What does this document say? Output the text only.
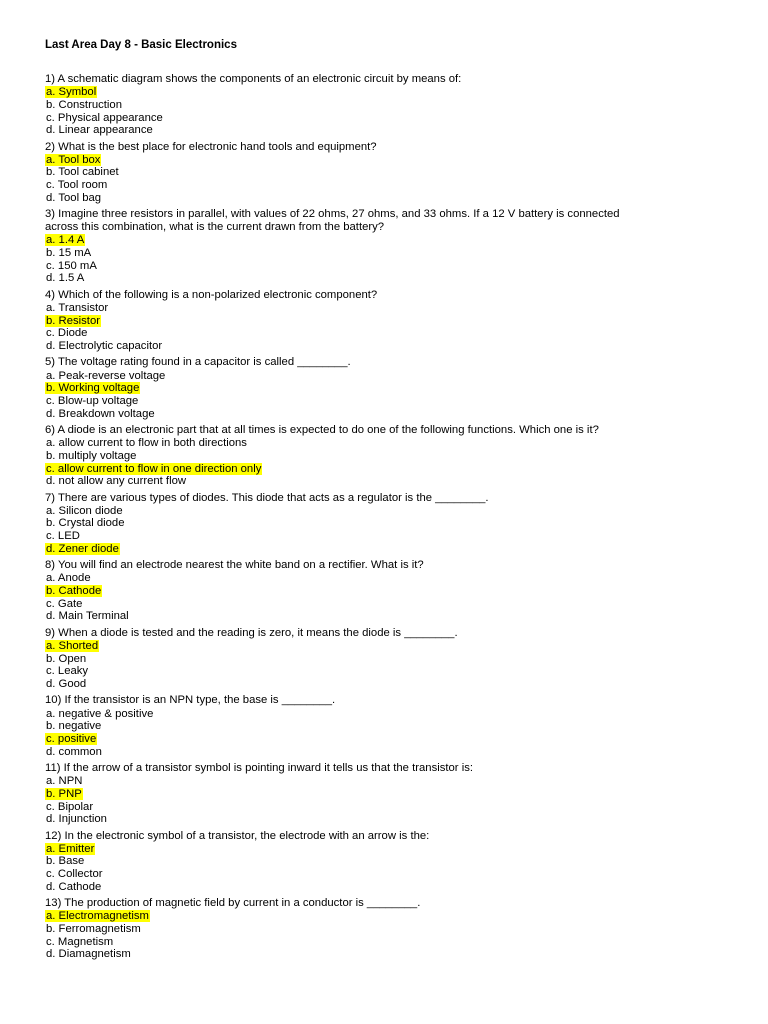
Last Area Day 8 - Basic Electronics
1) A schematic diagram shows the components of an electronic circuit by means of:
a. Symbol
b. Construction
c. Physical appearance
d. Linear appearance
2) What is the best place for electronic hand tools and equipment?
a. Tool box
b. Tool cabinet
c. Tool room
d. Tool bag
3) Imagine three resistors in parallel, with values of 22 ohms, 27 ohms, and 33 ohms. If a 12 V battery is connected
across this combination, what is the current drawn from the battery?
a. 1.4 A
b. 15 mA
c. 150 mA
d. 1.5 A
4) Which of the following is a non-polarized electronic component?
a. Transistor
b. Resistor
c. Diode
d. Electrolytic capacitor
5) The voltage rating found in a capacitor is called ________.
a. Peak-reverse voltage
b. Working voltage
c. Blow-up voltage
d. Breakdown voltage
6) A diode is an electronic part that at all times is expected to do one of the following functions. Which one is it?
a. allow current to flow in both directions
b. multiply voltage
c. allow current to flow in one direction only
d. not allow any current flow
7) There are various types of diodes. This diode that acts as a regulator is the ________.
a. Silicon diode
b. Crystal diode
c. LED
d. Zener diode
8) You will find an electrode nearest the white band on a rectifier. What is it?
a. Anode
b. Cathode
c. Gate
d. Main Terminal
9) When a diode is tested and the reading is zero, it means the diode is ________.
a. Shorted
b. Open
c. Leaky
d. Good
10) If the transistor is an NPN type, the base is ________.
a. negative & positive
b. negative
c. positive
d. common
11) If the arrow of a transistor symbol is pointing inward it tells us that the transistor is:
a. NPN
b. PNP
c. Bipolar
d. Injunction
12) In the electronic symbol of a transistor, the electrode with an arrow is the:
a. Emitter
b. Base
c. Collector
d. Cathode
13) The production of magnetic field by current in a conductor is ________.
a. Electromagnetism
b. Ferromagnetism
c. Magnetism
d. Diamagnetism
